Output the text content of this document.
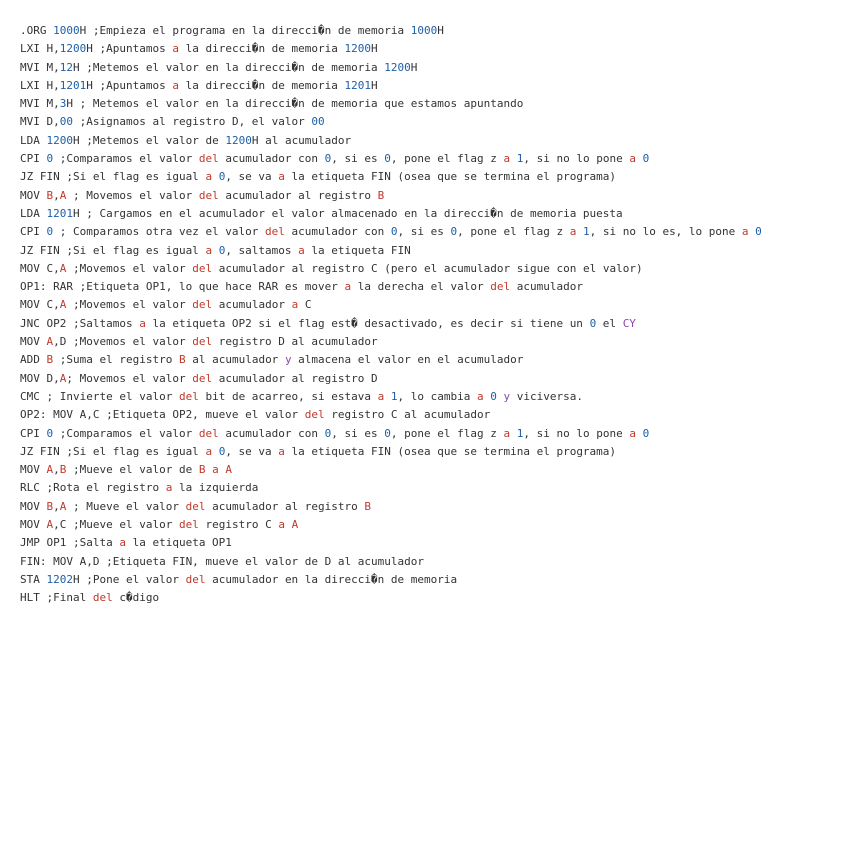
.ORG 1000H ;Empieza el programa en la direcci�n de memoria 1000H
LXI H,1200H ;Apuntamos a la direcci�n de memoria 1200H
MVI M,12H ;Metemos el valor en la direcci�n de memoria 1200H
LXI H,1201H ;Apuntamos a la direcci�n de memoria 1201H
MVI M,3H ; Metemos el valor en la direcci�n de memoria que estamos apuntando
MVI D,00 ;Asignamos al registro D, el valor 00
LDA 1200H ;Metemos el valor de 1200H al acumulador
CPI 0 ;Comparamos el valor del acumulador con 0, si es 0, pone el flag z a 1, si no lo pone a 0
JZ FIN ;Si el flag es igual a 0, se va a la etiqueta FIN (osea que se termina el programa)
MOV B,A ; Movemos el valor del acumulador al registro B
LDA 1201H ; Cargamos en el acumulador el valor almacenado en la direcci�n de memoria puesta
CPI 0 ; Comparamos otra vez el valor del acumulador con 0, si es 0, pone el flag z a 1, si no lo es, lo pone a 0
JZ FIN ;Si el flag es igual a 0, saltamos a la etiqueta FIN
MOV C,A ;Movemos el valor del acumulador al registro C (pero el acumulador sigue con el valor)
OP1: RAR ;Etiqueta OP1, lo que hace RAR es mover a la derecha el valor del acumulador
MOV C,A ;Movemos el valor del acumulador a C
JNC OP2 ;Saltamos a la etiqueta OP2 si el flag est� desactivado, es decir si tiene un 0 el CY
MOV A,D ;Movemos el valor del registro D al acumulador
ADD B ;Suma el registro B al acumulador y almacena el valor en el acumulador
MOV D,A; Movemos el valor del acumulador al registro D
CMC ; Invierte el valor del bit de acarreo, si estava a 1, lo cambia a 0 y viciversa.
OP2: MOV A,C ;Etiqueta OP2, mueve el valor del registro C al acumulador
CPI 0 ;Comparamos el valor del acumulador con 0, si es 0, pone el flag z a 1, si no lo pone a 0
JZ FIN ;Si el flag es igual a 0, se va a la etiqueta FIN (osea que se termina el programa)
MOV A,B ;Mueve el valor de B a A
RLC ;Rota el registro a la izquierda
MOV B,A ; Mueve el valor del acumulador al registro B
MOV A,C ;Mueve el valor del registro C a A
JMP OP1 ;Salta a la etiqueta OP1
FIN: MOV A,D ;Etiqueta FIN, mueve el valor de D al acumulador
STA 1202H ;Pone el valor del acumulador en la direcci�n de memoria
HLT ;Final del c�digo
